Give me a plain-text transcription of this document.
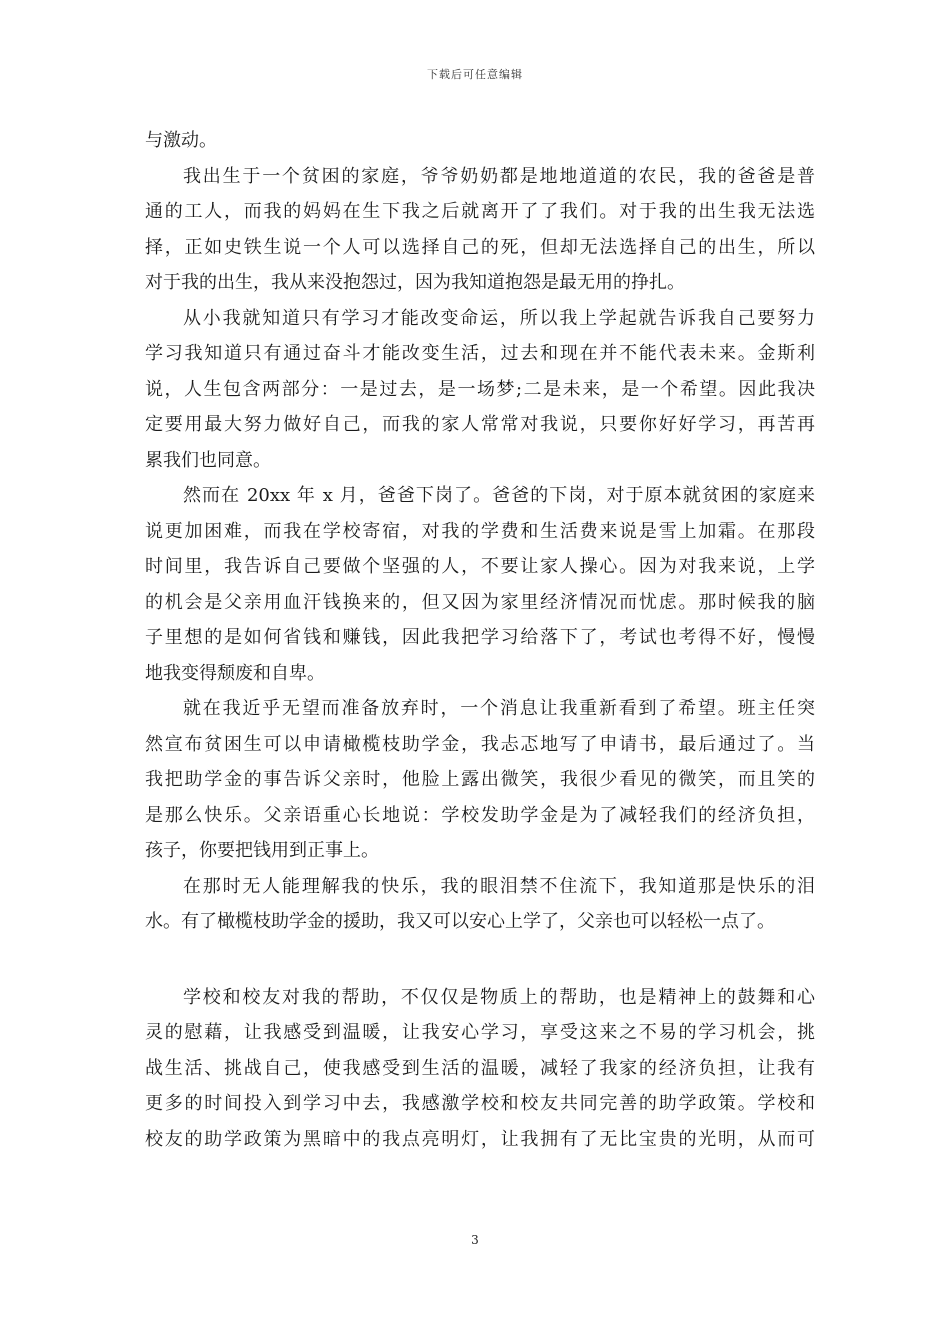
下载后可任意编辑
与激动。
我出生于一个贫困的家庭，爷爷奶奶都是地地道道的农民，我的爸爸是普
通的工人，而我的妈妈在生下我之后就离开了了我们。对于我的出生我无法选
择，正如史铁生说一个人可以选择自己的死，但却无法选择自己的出生，所以
对于我的出生，我从来没抱怨过，因为我知道抱怨是最无用的挣扎。
从小我就知道只有学习才能改变命运，所以我上学起就告诉我自己要努力
学习我知道只有通过奋斗才能改变生活，过去和现在并不能代表未来。金斯利
说，人生包含两部分：一是过去，是一场梦;二是未来，是一个希望。因此我决
定要用最大努力做好自己，而我的家人常常对我说，只要你好好学习，再苦再
累我们也同意。
然而在 20xx 年 x 月，爸爸下岗了。爸爸的下岗，对于原本就贫困的家庭来
说更加困难，而我在学校寄宿，对我的学费和生活费来说是雪上加霜。在那段
时间里，我告诉自己要做个坚强的人，不要让家人操心。因为对我来说，上学
的机会是父亲用血汗钱换来的，但又因为家里经济情况而忧虑。那时候我的脑
子里想的是如何省钱和赚钱，因此我把学习给落下了，考试也考得不好，慢慢
地我变得颓废和自卑。
就在我近乎无望而准备放弃时，一个消息让我重新看到了希望。班主任突
然宣布贫困生可以申请橄榄枝助学金，我忐忑地写了申请书，最后通过了。当
我把助学金的事告诉父亲时，他脸上露出微笑，我很少看见的微笑，而且笑的
是那么快乐。父亲语重心长地说：学校发助学金是为了减轻我们的经济负担，
孩子，你要把钱用到正事上。
在那时无人能理解我的快乐，我的眼泪禁不住流下，我知道那是快乐的泪
水。有了橄榄枝助学金的援助，我又可以安心上学了，父亲也可以轻松一点了。
学校和校友对我的帮助，不仅仅是物质上的帮助，也是精神上的鼓舞和心
灵的慰藉，让我感受到温暖，让我安心学习，享受这来之不易的学习机会，挑
战生活、挑战自己，使我感受到生活的温暖，减轻了我家的经济负担，让我有
更多的时间投入到学习中去，我感激学校和校友共同完善的助学政策。学校和
校友的助学政策为黑暗中的我点亮明灯，让我拥有了无比宝贵的光明，从而可
3
